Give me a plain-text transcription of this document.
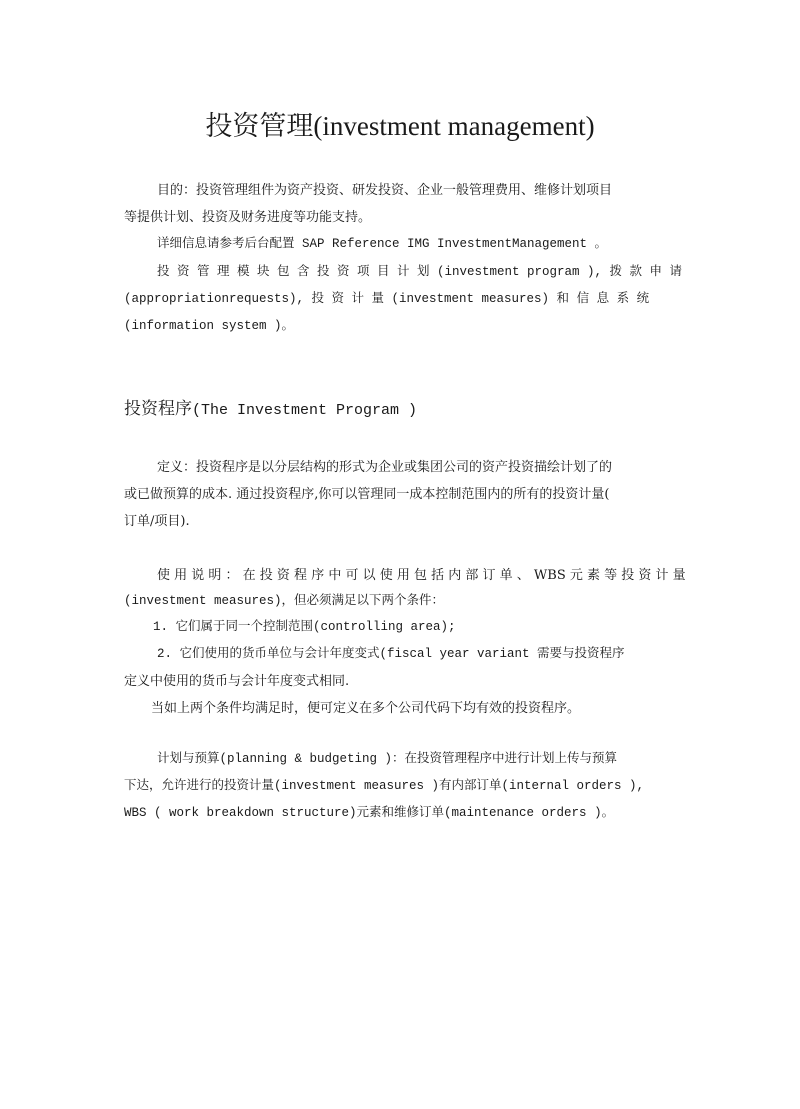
投资管理(investment management)
目的：投资管理组件为资产投资、研发投资、企业一般管理费用、维修计划项目
等提供计划、投资及财务进度等功能支持。
详细信息请参考后台配置 SAP Reference IMG InvestmentManagement 。
投 资 管 理 模 块 包 含 投 资 项 目 计 划 (investment program ), 拨 款 申 请
(appropriationrequests), 投 资 计 量 (investment measures) 和 信 息 系 统
(information system )。
投资程序(The Investment Program )
定义：投资程序是以分层结构的形式为企业或集团公司的资产投资描绘计划了的
或已做预算的成本. 通过投资程序,你可以管理同一成本控制范围内的所有的投资计量(
订单/项目).
使 用 说 明 ： 在 投 资 程 序 中 可 以 使 用 包 括 内 部 订 单 、 WBS 元 素 等 投 资 计 量
(investment measures)，但必须满足以下两个条件：
1. 它们属于同一个控制范围(controlling area);
2. 它们使用的货币单位与会计年度变式(fiscal year variant 需要与投资程序
定义中使用的货币与会计年度变式相同.
当如上两个条件均满足时，便可定义在多个公司代码下均有效的投资程序。
计划与预算(planning & budgeting )：在投资管理程序中进行计划上传与预算
下达，允许进行的投资计量(investment measures )有内部订单(internal orders ),
WBS ( work breakdown structure)元素和维修订单(maintenance orders )。
